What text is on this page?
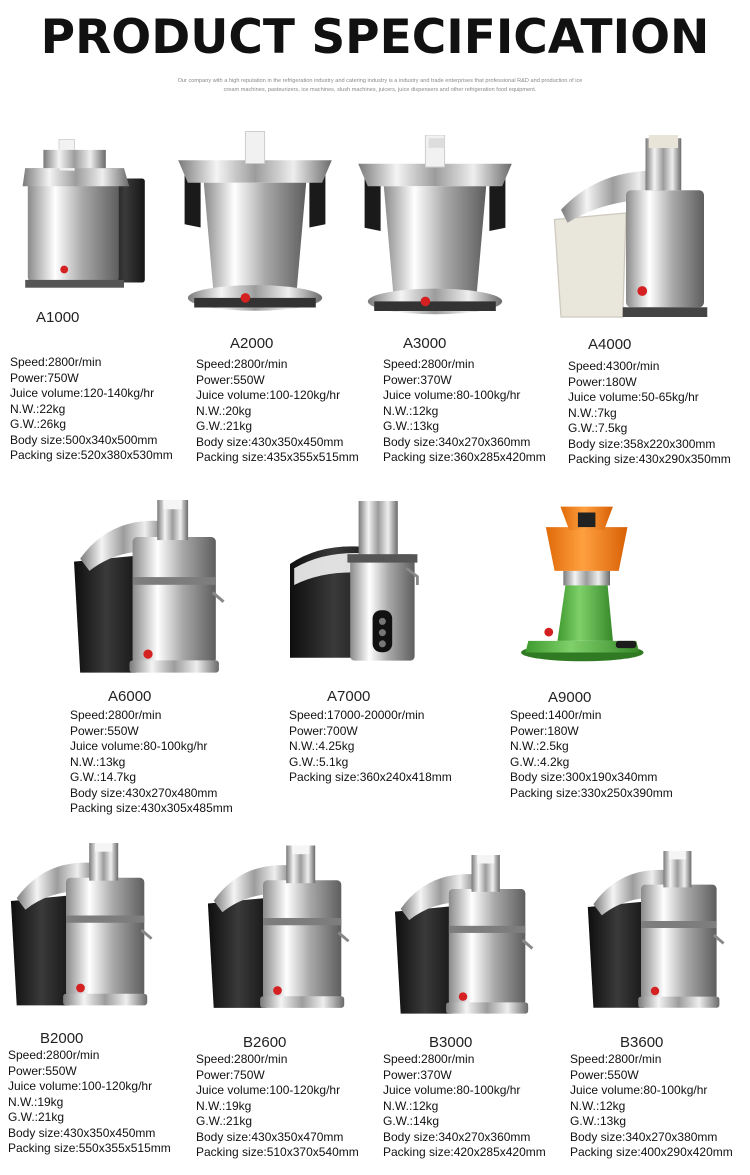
PRODUCT SPECIFICATION
Our company with a high reputation in the refrigeration industry and catering industry is a industry and trade enterprises that professional R&D and production of ice cream machines, pasteurizers, ice machines, slush machines, juicers, juice dispensers and other refrigeration food equipment.
A1000
Speed:2800r/min
Power:750W
Juice volume:120-140kg/hr
N.W.:22kg
G.W.:26kg
Body size:500x340x500mm
Packing size:520x380x530mm
A2000
Speed:2800r/min
Power:550W
Juice volume:100-120kg/hr
N.W.:20kg
G.W.:21kg
Body size:430x350x450mm
Packing size:435x355x515mm
A3000
Speed:2800r/min
Power:370W
Juice volume:80-100kg/hr
N.W.:12kg
G.W.:13kg
Body size:340x270x360mm
Packing size:360x285x420mm
A4000
Speed:4300r/min
Power:180W
Juice volume:50-65kg/hr
N.W.:7kg
G.W.:7.5kg
Body size:358x220x300mm
Packing size:430x290x350mm
A6000
Speed:2800r/min
Power:550W
Juice volume:80-100kg/hr
N.W.:13kg
G.W.:14.7kg
Body size:430x270x480mm
Packing size:430x305x485mm
A7000
Speed:17000-20000r/min
Power:700W
N.W.:4.25kg
G.W.:5.1kg
Packing size:360x240x418mm
A9000
Speed:1400r/min
Power:180W
N.W.:2.5kg
G.W.:4.2kg
Body size:300x190x340mm
Packing size:330x250x390mm
B2000
Speed:2800r/min
Power:550W
Juice volume:100-120kg/hr
N.W.:19kg
G.W.:21kg
Body size:430x350x450mm
Packing size:550x355x515mm
B2600
Speed:2800r/min
Power:750W
Juice volume:100-120kg/hr
N.W.:19kg
G.W.:21kg
Body size:430x350x470mm
Packing size:510x370x540mm
B3000
Speed:2800r/min
Power:370W
Juice volume:80-100kg/hr
N.W.:12kg
G.W.:14kg
Body size:340x270x360mm
Packing size:420x285x420mm
B3600
Speed:2800r/min
Power:550W
Juice volume:80-100kg/hr
N.W.:12kg
G.W.:13kg
Body size:340x270x380mm
Packing size:400x290x420mm
